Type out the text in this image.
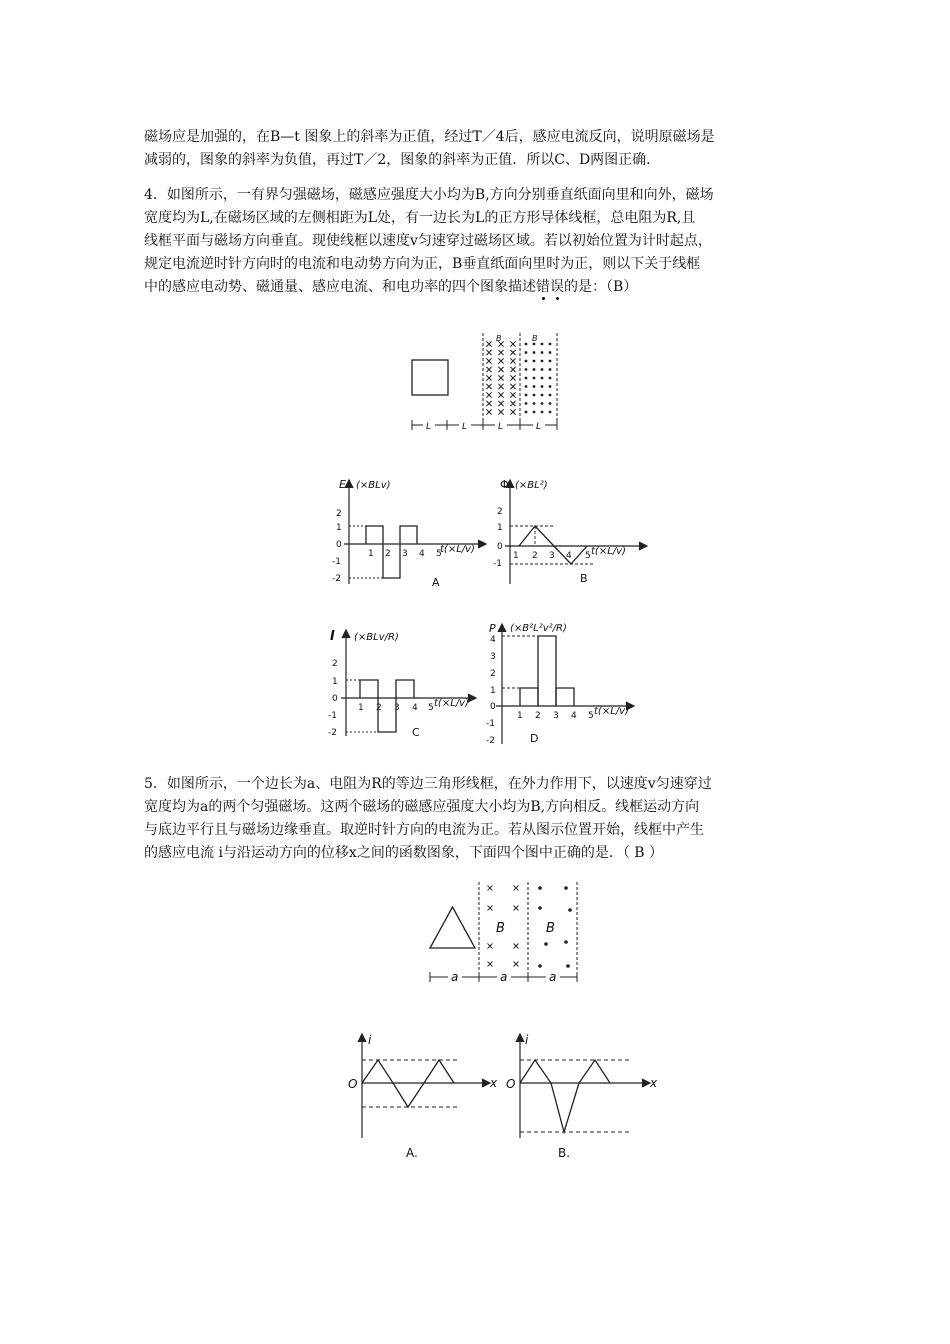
磁场应是加强的，在B—t 图象上的斜率为正值，经过T／4后，感应电流反向，说明原磁场是

减弱的，图象的斜率为负值，再过T／2，图象的斜率为正值．所以C、D两图正确．

4．如图所示，一有界匀强磁场，磁感应强度大小均为B,方向分别垂直纸面向里和向外，磁场

宽度均为L,在磁场区域的左侧相距为L处，有一边长为L的正方形导体线框，总电阻为R,且

线框平面与磁场方向垂直。现使线框以速度v匀速穿过磁场区域。若以初始位置为计时起点，

规定电流逆时针方向时的电流和电动势方向为正，B垂直纸面向里时为正，则以下关于线框

中的感应电动势、磁通量、感应电流、和电功率的四个图象描述错误的是：（B）

B	B
L	L	L	L
E (×BLv)
2
1
0
-1
-2
1 2 3 4 5
t(×L/v)
A
Φ (×BL²)
2
1
0
-1
1 2 3 4 5 t(×L/v)
B
I (×BLv/R)
2
1
0
-1
-2
1 2 3 4 5 t(×L/v)
C
P (×B²L²v²/R)
4
3
2
1
0
-1
-2
1 2 3 4 5 t(×L/v)
D

5．如图所示，一个边长为a、电阻为R的等边三角形线框，在外力作用下，以速度v匀速穿过

宽度均为a的两个匀强磁场。这两个磁场的磁感应强度大小均为B,方向相反。线框运动方向

与底边平行且与磁场边缘垂直。取逆时针方向的电流为正。若从图示位置开始，线框中产生

的感应电流 i与沿运动方向的位移x之间的函数图象，下面四个图中正确的是．（ B ）

B	B
a	a	a
i
x
O
A.
i
x
O
B.
